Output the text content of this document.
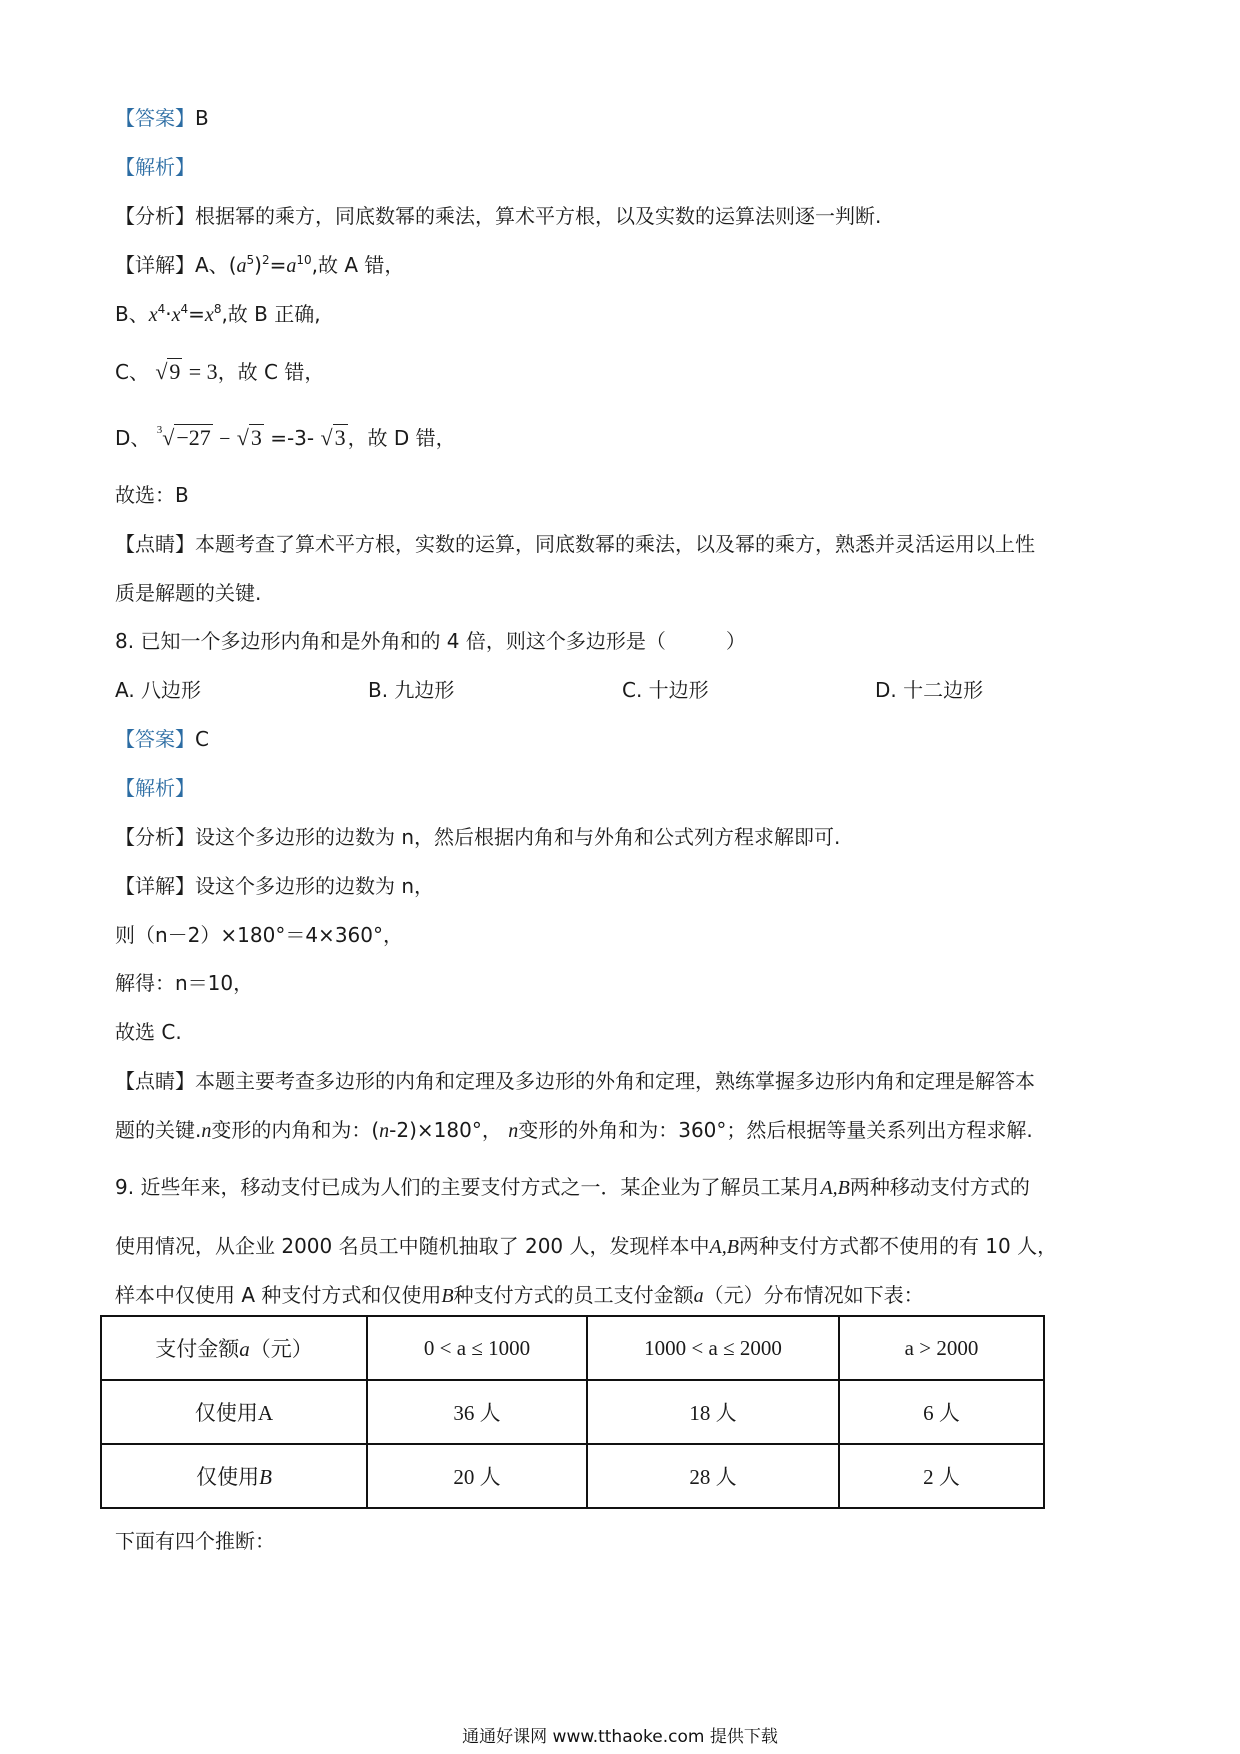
【答案】B
【解析】
【分析】根据幂的乘方，同底数幂的乘法，算术平方根，以及实数的运算法则逐一判断.
【详解】A、$(a^5)^2=a^{10}$,故 A 错，
B、$x^4\cdot x^4=x^8$,故 B 正确,
C、 √9 = 3，故 C 错，
D、 $^3$√−27 − √3 =-3- √3 ，故 D 错，
故选：B
【点睛】本题考查了算术平方根，实数的运算，同底数幂的乘法，以及幂的乘方，熟悉并灵活运用以上性
质是解题的关键.
8. 已知一个多边形内角和是外角和的 4 倍，则这个多边形是（　　　）
A. 八边形	B. 九边形	C. 十边形	D. 十二边形
【答案】C
【解析】
【分析】设这个多边形的边数为 n，然后根据内角和与外角和公式列方程求解即可.
【详解】设这个多边形的边数为 n，
则（n－2）×180°＝4×360°，
解得：n＝10，
故选 C.
【点睛】本题主要考查多边形的内角和定理及多边形的外角和定理，熟练掌握多边形内角和定理是解答本
题的关键.n变形的内角和为：(n-2)×180°， n变形的外角和为：360°；然后根据等量关系列出方程求解.
9. 近些年来，移动支付已成为人们的主要支付方式之一．某企业为了解员工某月A,B两种移动支付方式的
使用情况，从企业 2000 名员工中随机抽取了 200 人，发现样本中A,B两种支付方式都不使用的有 10 人，
样本中仅使用 A 种支付方式和仅使用B种支付方式的员工支付金额a（元）分布情况如下表：
支付金额a（元）	0 < a ≤ 1000	1000 < a ≤ 2000	a > 2000
仅使用A	36 人	18 人	6 人
仅使用B	20 人	28 人	2 人
下面有四个推断：
通通好课网 www.tthaoke.com 提供下载
